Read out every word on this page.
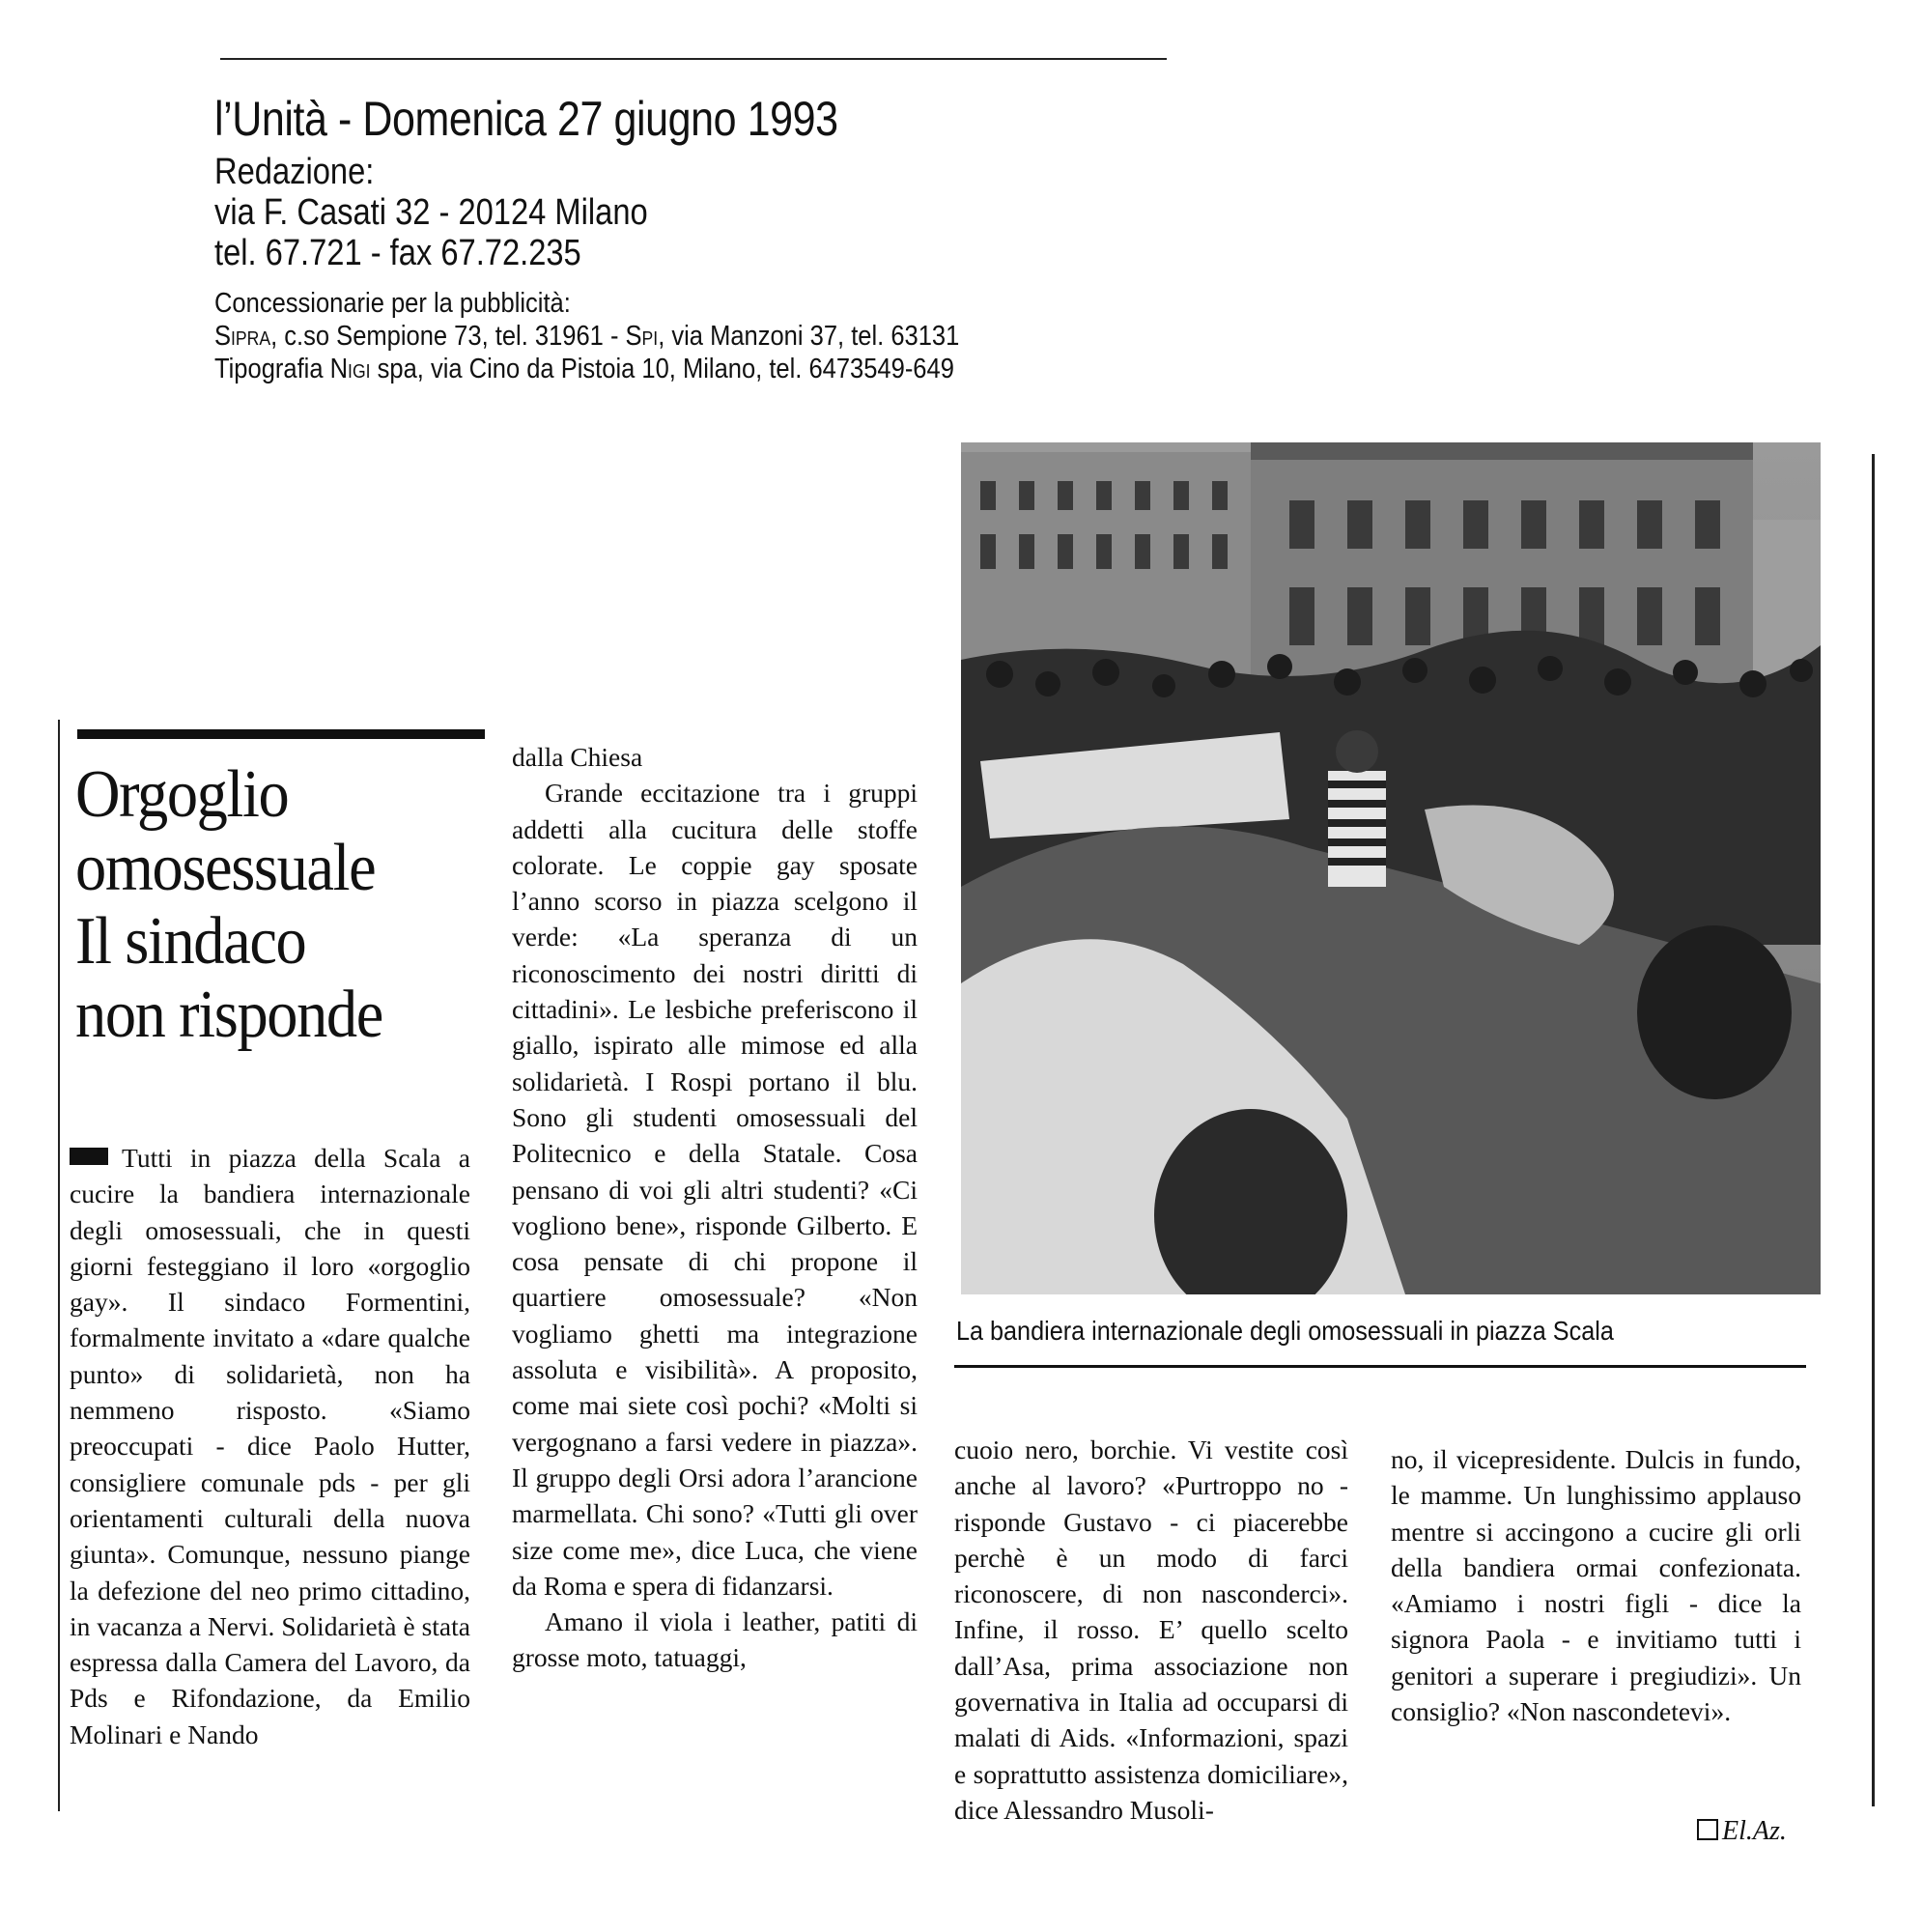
l’Unità - Domenica 27 giugno 1993
Redazione:
via F. Casati 32 - 20124 Milano
tel. 67.721 - fax 67.72.235
Concessionarie per la pubblicità:
Sipra, c.so Sempione 73, tel. 31961 - Spi, via Manzoni 37, tel. 63131
Tipografia Nigi spa, via Cino da Pistoia 10, Milano, tel. 6473549-649
Orgoglio
omosessuale
Il sindaco
non risponde

Tutti in piazza della Scala a cucire la bandiera internazionale degli omosessuali, che in questi giorni festeggiano il loro «orgoglio gay». Il sindaco Formentini, formalmente invitato a «dare qualche punto» di solidarietà, non ha nemmeno risposto. «Siamo preoccupati - dice Paolo Hutter, consigliere comunale pds - per gli orientamenti culturali della nuova giunta». Comunque, nessuno piange la defezione del neo primo cittadino, in vacanza a Nervi. Solidarietà è stata espressa dalla Camera del Lavoro, da Pds e Rifondazione, da Emilio Molinari e Nando

dalla Chiesa

Grande eccitazione tra i gruppi addetti alla cucitura delle stoffe colorate. Le coppie gay sposate l’anno scorso in piazza scelgono il verde: «La speranza di un riconoscimento dei nostri diritti di cittadini». Le lesbiche preferiscono il giallo, ispirato alle mimose ed alla solidarietà. I Rospi portano il blu. Sono gli studenti omosessuali del Politecnico e della Statale. Cosa pensano di voi gli altri studenti? «Ci vogliono bene», risponde Gilberto. E cosa pensate di chi propone il quartiere omosessuale? «Non vogliamo ghetti ma integrazione assoluta e visibilità». A proposito, come mai siete così pochi? «Molti si vergognano a farsi vedere in piazza». Il gruppo degli Orsi adora l’arancione marmellata. Chi sono? «Tutti gli over size come me», dice Luca, che viene da Roma e spera di fidanzarsi.

Amano il viola i leather, patiti di grosse moto, tatuaggi,

La bandiera internazionale degli omosessuali in piazza Scala

cuoio nero, borchie. Vi vestite così anche al lavoro? «Purtroppo no - risponde Gustavo - ci piacerebbe perchè è un modo di farci riconoscere, di non nasconderci». Infine, il rosso. E’ quello scelto dall’Asa, prima associazione non governativa in Italia ad occuparsi di malati di Aids. «Informazioni, spazi e soprattutto assistenza domiciliare», dice Alessandro Musoli-

no, il vicepresidente. Dulcis in fundo, le mamme. Un lunghissimo applauso mentre si accingono a cucire gli orli della bandiera ormai confezionata. «Amiamo i nostri figli - dice la signora Paola - e invitiamo tutti i genitori a superare i pregiudizi». Un consiglio? «Non nascondetevi».

El.Az.
